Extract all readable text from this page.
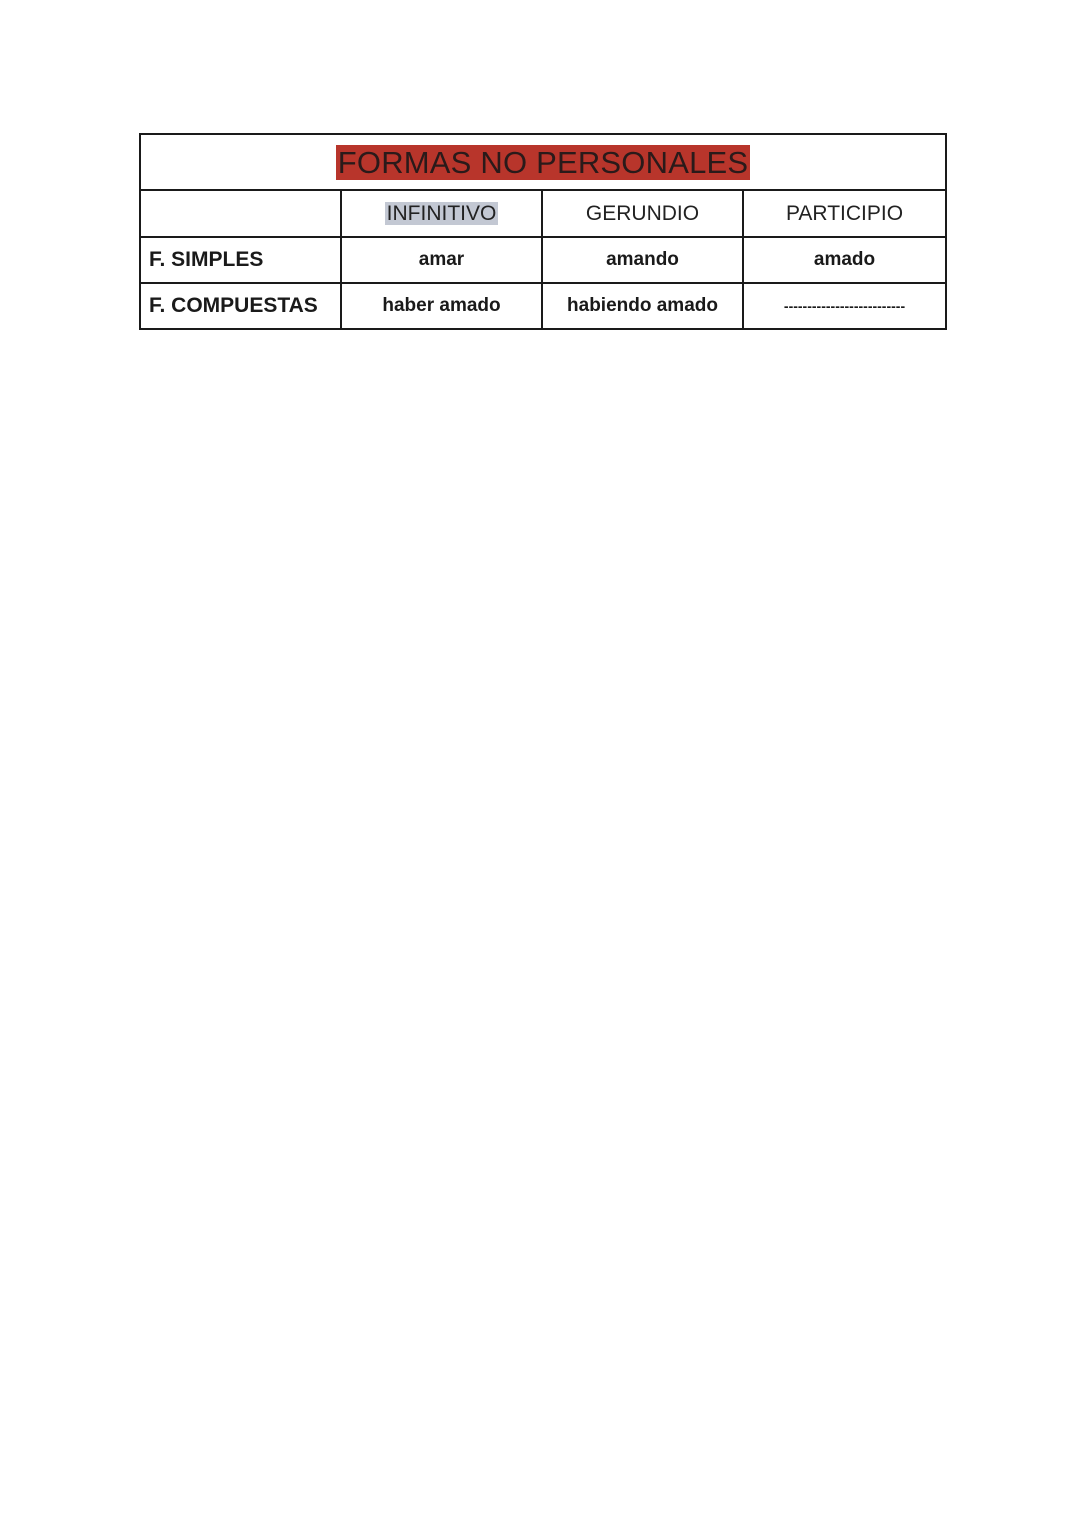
FORMAS NO PERSONALES			
	INFINITIVO	GERUNDIO	PARTICIPIO
F. SIMPLES	amar	amando	amado
F. COMPUESTAS	haber amado	habiendo amado	--------------------------
